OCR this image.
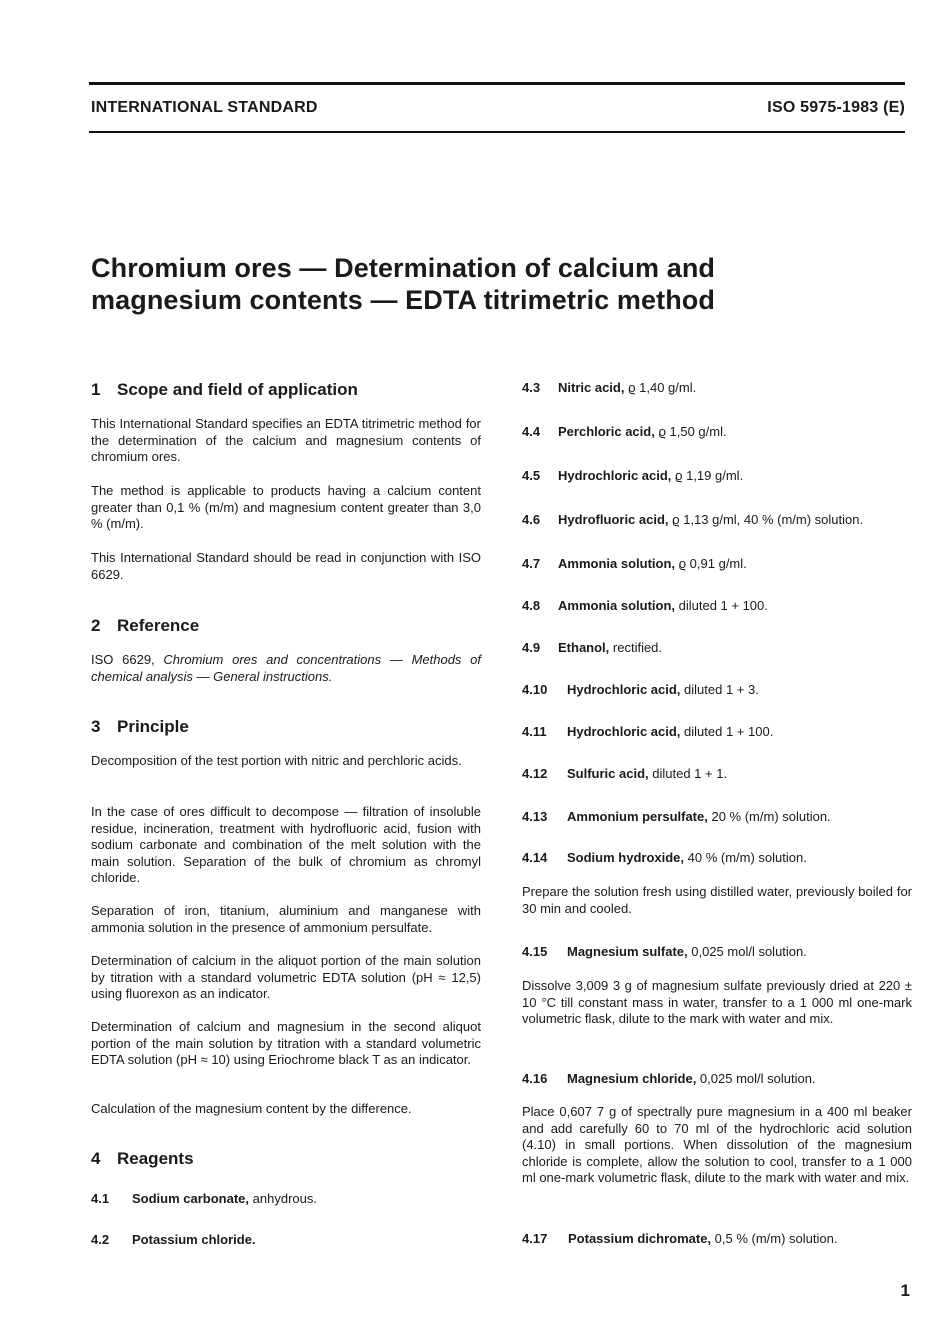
INTERNATIONAL STANDARD	ISO 5975-1983 (E)
Chromium ores — Determination of calcium and
magnesium contents — EDTA titrimetric method
1 Scope and field of application
This International Standard specifies an EDTA titrimetric method for the determination of the calcium and magnesium contents of chromium ores.
The method is applicable to products having a calcium content greater than 0,1 % (m/m) and magnesium content greater than 3,0 % (m/m).
This International Standard should be read in conjunction with ISO 6629.
2 Reference
ISO 6629, Chromium ores and concentrations — Methods of chemical analysis — General instructions.
3 Principle
Decomposition of the test portion with nitric and perchloric acids.
In the case of ores difficult to decompose — filtration of insoluble residue, incineration, treatment with hydrofluoric acid, fusion with sodium carbonate and combination of the melt solution with the main solution. Separation of the bulk of chromium as chromyl chloride.
Separation of iron, titanium, aluminium and manganese with ammonia solution in the presence of ammonium persulfate.
Determination of calcium in the aliquot portion of the main solution by titration with a standard volumetric EDTA solution (pH ≈ 12,5) using fluorexon as an indicator.
Determination of calcium and magnesium in the second aliquot portion of the main solution by titration with a standard volumetric EDTA solution (pH ≈ 10) using Eriochrome black T as an indicator.
Calculation of the magnesium content by the difference.
4 Reagents
4.1 Sodium carbonate, anhydrous.
4.2 Potassium chloride.
4.3 Nitric acid, ϱ 1,40 g/ml.
4.4 Perchloric acid, ϱ 1,50 g/ml.
4.5 Hydrochloric acid, ϱ 1,19 g/ml.
4.6 Hydrofluoric acid, ϱ 1,13 g/ml, 40 % (m/m) solution.
4.7 Ammonia solution, ϱ 0,91 g/ml.
4.8 Ammonia solution, diluted 1 + 100.
4.9 Ethanol, rectified.
4.10 Hydrochloric acid, diluted 1 + 3.
4.11 Hydrochloric acid, diluted 1 + 100.
4.12 Sulfuric acid, diluted 1 + 1.
4.13 Ammonium persulfate, 20 % (m/m) solution.
4.14 Sodium hydroxide, 40 % (m/m) solution.
Prepare the solution fresh using distilled water, previously boiled for 30 min and cooled.
4.15 Magnesium sulfate, 0,025 mol/l solution.
Dissolve 3,009 3 g of magnesium sulfate previously dried at 220 ± 10 °C till constant mass in water, transfer to a 1 000 ml one-mark volumetric flask, dilute to the mark with water and mix.
4.16 Magnesium chloride, 0,025 mol/l solution.
Place 0,607 7 g of spectrally pure magnesium in a 400 ml beaker and add carefully 60 to 70 ml of the hydrochloric acid solution (4.10) in small portions. When dissolution of the magnesium chloride is complete, allow the solution to cool, transfer to a 1 000 ml one-mark volumetric flask, dilute to the mark with water and mix.
4.17 Potassium dichromate, 0,5 % (m/m) solution.
1
